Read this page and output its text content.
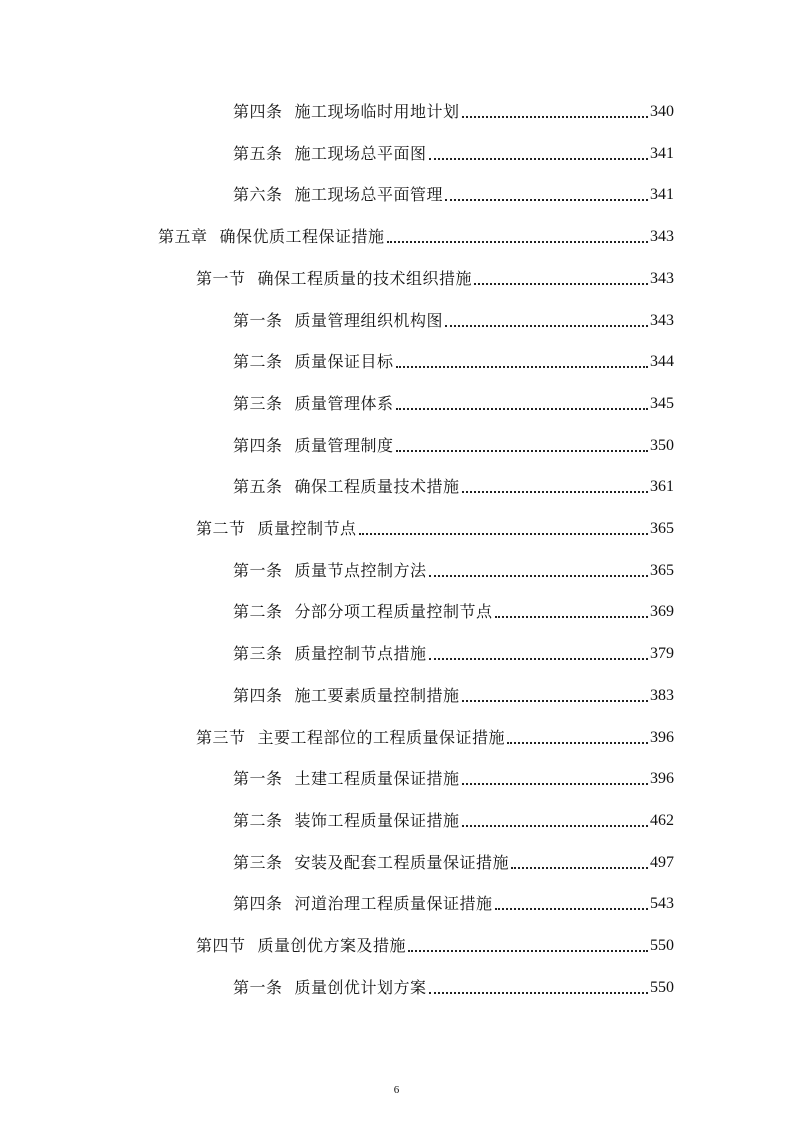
第四条 施工现场临时用地计划	340
第五条 施工现场总平面图	341
第六条 施工现场总平面管理	341
第五章 确保优质工程保证措施	343
第一节 确保工程质量的技术组织措施	343
第一条 质量管理组织机构图	343
第二条 质量保证目标	344
第三条 质量管理体系	345
第四条 质量管理制度	350
第五条 确保工程质量技术措施	361
第二节 质量控制节点	365
第一条 质量节点控制方法	365
第二条 分部分项工程质量控制节点	369
第三条 质量控制节点措施	379
第四条 施工要素质量控制措施	383
第三节 主要工程部位的工程质量保证措施	396
第一条 土建工程质量保证措施	396
第二条 装饰工程质量保证措施	462
第三条 安装及配套工程质量保证措施	497
第四条 河道治理工程质量保证措施	543
第四节 质量创优方案及措施	550
第一条 质量创优计划方案	550
6
